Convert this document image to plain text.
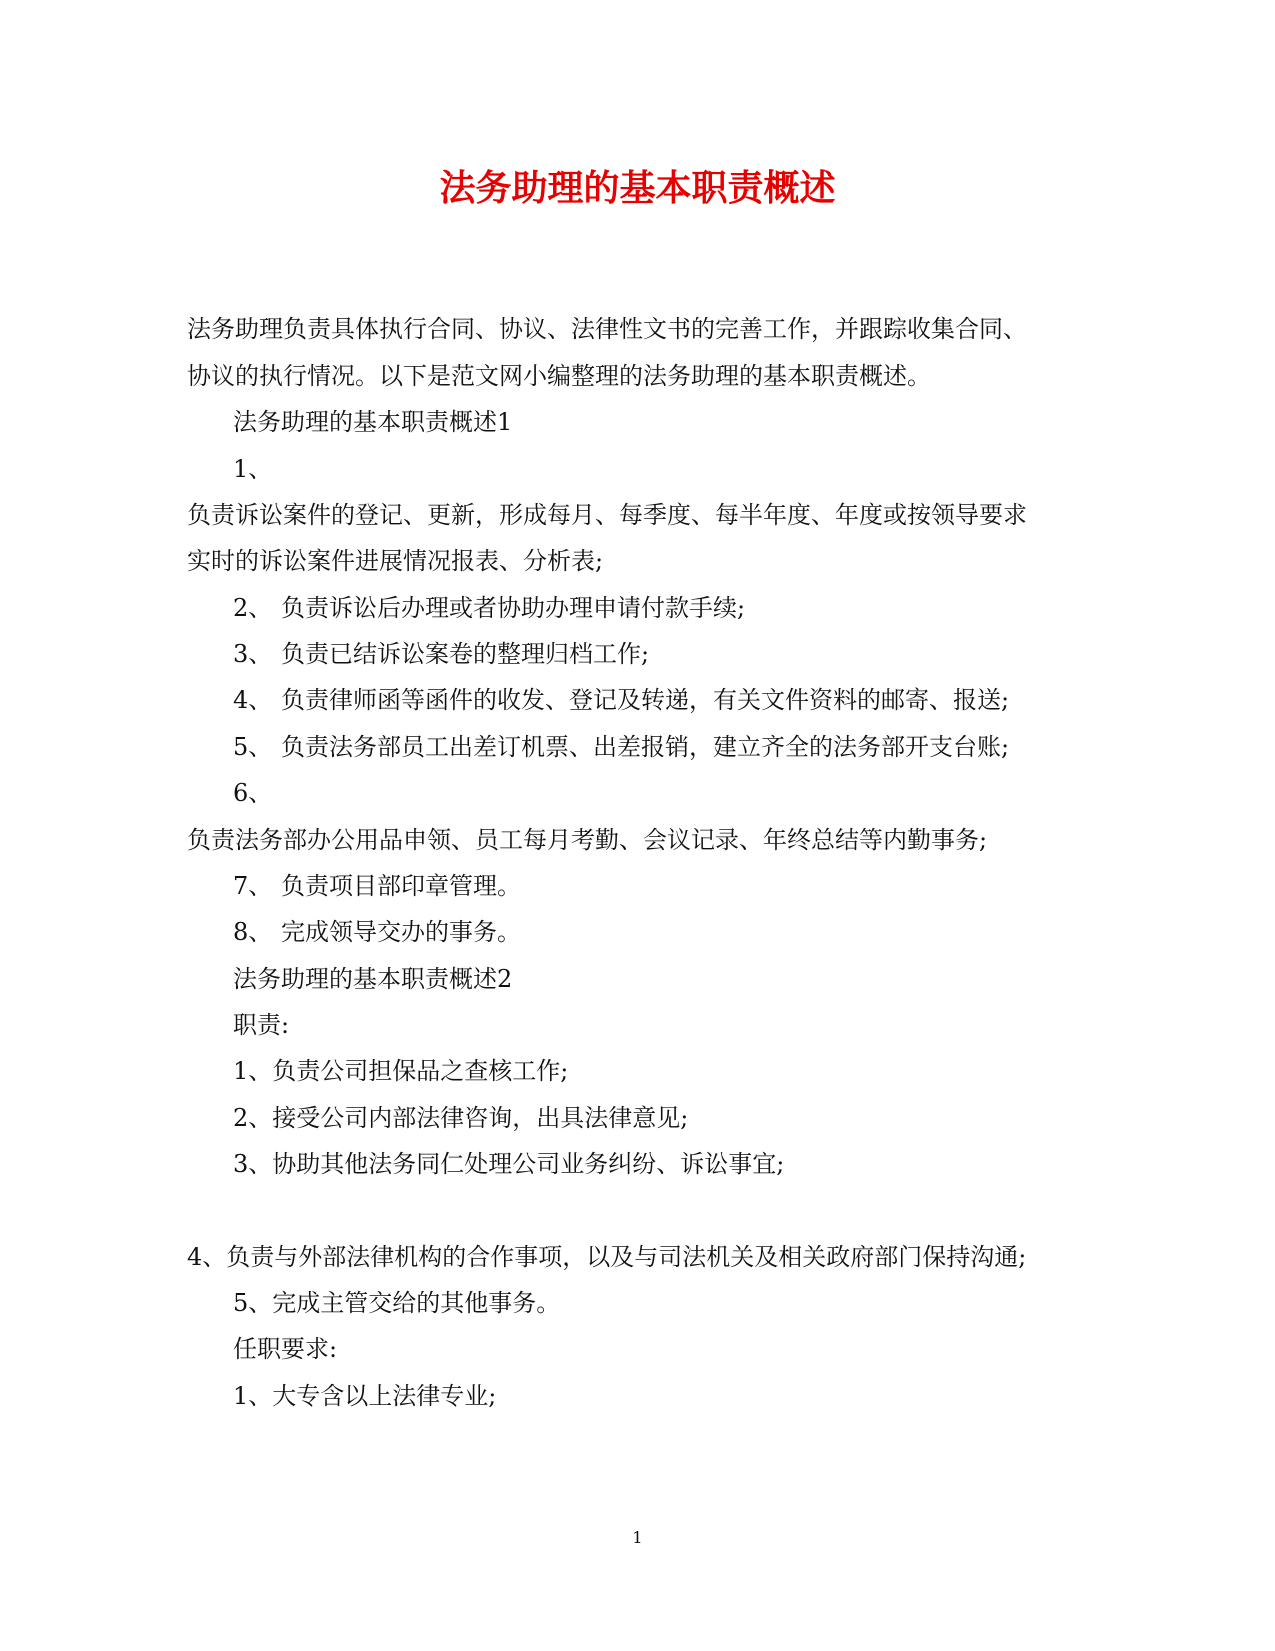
法务助理的基本职责概述
法务助理负责具体执行合同、协议、法律性文书的完善工作，并跟踪收集合同、
协议的执行情况。以下是范文网小编整理的法务助理的基本职责概述。
法务助理的基本职责概述1
1、
负责诉讼案件的登记、更新，形成每月、每季度、每半年度、年度或按领导要求
实时的诉讼案件进展情况报表、分析表;
2、 负责诉讼后办理或者协助办理申请付款手续;
3、 负责已结诉讼案卷的整理归档工作;
4、 负责律师函等函件的收发、登记及转递，有关文件资料的邮寄、报送;
5、 负责法务部员工出差订机票、出差报销，建立齐全的法务部开支台账;
6、
负责法务部办公用品申领、员工每月考勤、会议记录、年终总结等内勤事务;
7、 负责项目部印章管理。
8、 完成领导交办的事务。
法务助理的基本职责概述2
职责:
1、负责公司担保品之查核工作;
2、接受公司内部法律咨询，出具法律意见;
3、协助其他法务同仁处理公司业务纠纷、诉讼事宜;
4、负责与外部法律机构的合作事项，以及与司法机关及相关政府部门保持沟通;
5、完成主管交给的其他事务。
任职要求:
1、大专含以上法律专业;
1
